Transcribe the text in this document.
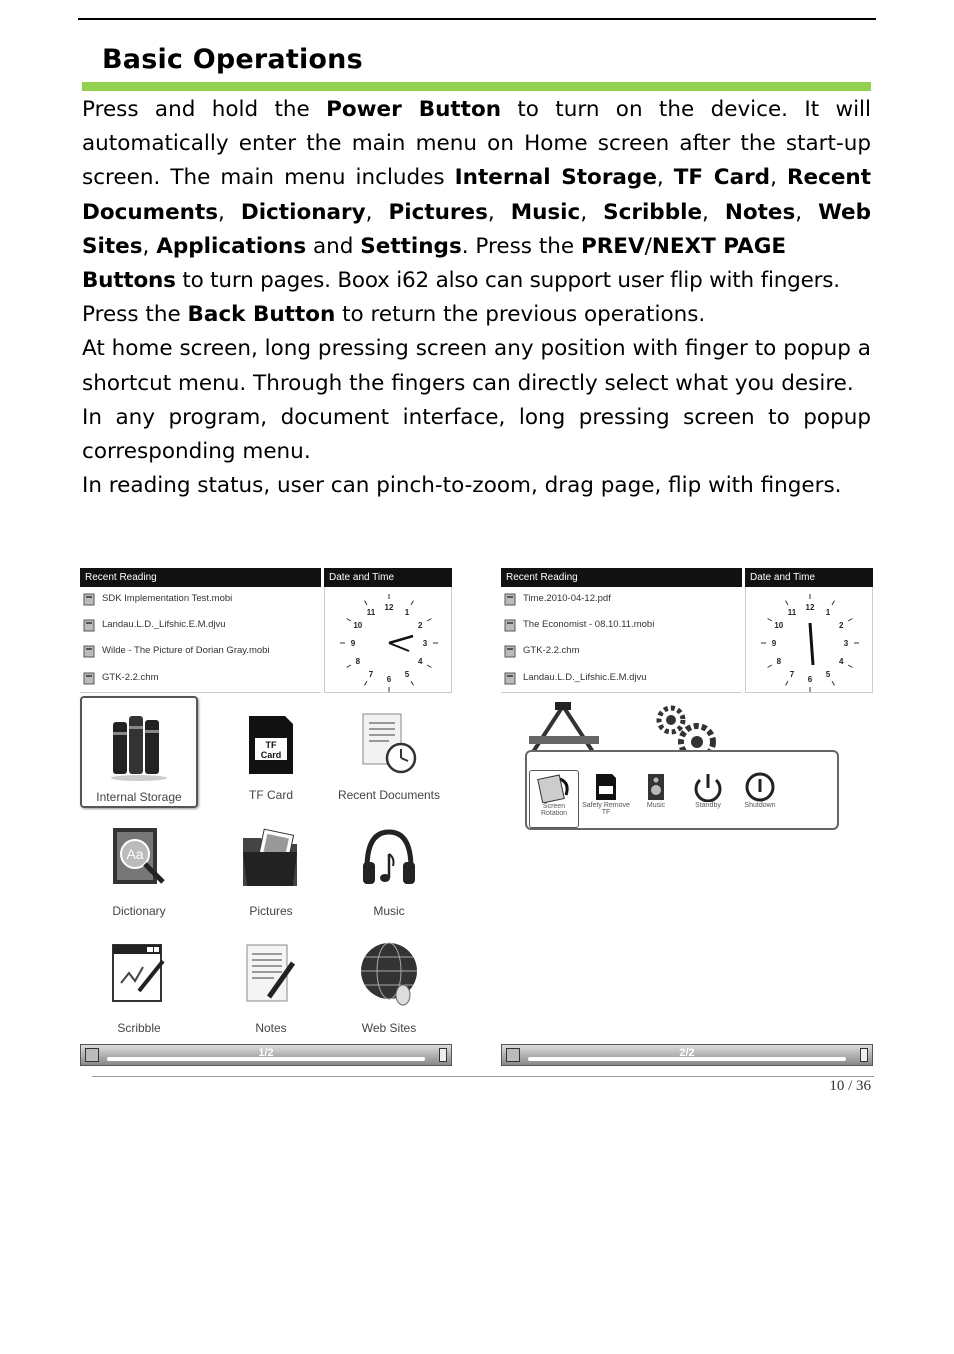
Basic Operations

Press and hold the Power Button to turn on the device. It will automatically enter the main menu on Home screen after the start-up screen. The main menu includes Internal Storage, TF Card, Recent Documents, Dictionary, Pictures, Music, Scribble, Notes, Web Sites, Applications and Settings. Press the PREV/NEXT PAGE

Buttons to turn pages. Boox i62 also can support user flip with fingers.

Press the Back Button to return the previous operations.

At home screen, long pressing screen any position with finger to popup a shortcut menu. Through the fingers can directly select what you desire.

In any program, document interface, long pressing screen to popup corresponding menu.

In reading status, user can pinch-to-zoom, drag page, flip with fingers.

Recent Reading	Date and Time
SDK Implementation Test.mobi
Landau.L.D._Lifshic.E.M.djvu
Wilde - The Picture of Dorian Gray.mobi
GTK-2.2.chm
12
1
2
3
4
5
6
7
8
9
10
11
Internal Storage
TF
Card
TF Card	Recent Documents
Aa
Dictionary	Pictures	Music
Scribble	Notes	Web Sites
1/2
Recent Reading	Date and Time
Time.2010-04-12.pdf
The Economist - 08.10.11.mobi
GTK-2.2.chm
Landau.L.D._Lifshic.E.M.djvu
12
1
2
3
4
5
6
7
8
9
10
11
Screen Rotation
Safety Remove TF
Music	Standby	Shutdown
2/2
10 / 36
